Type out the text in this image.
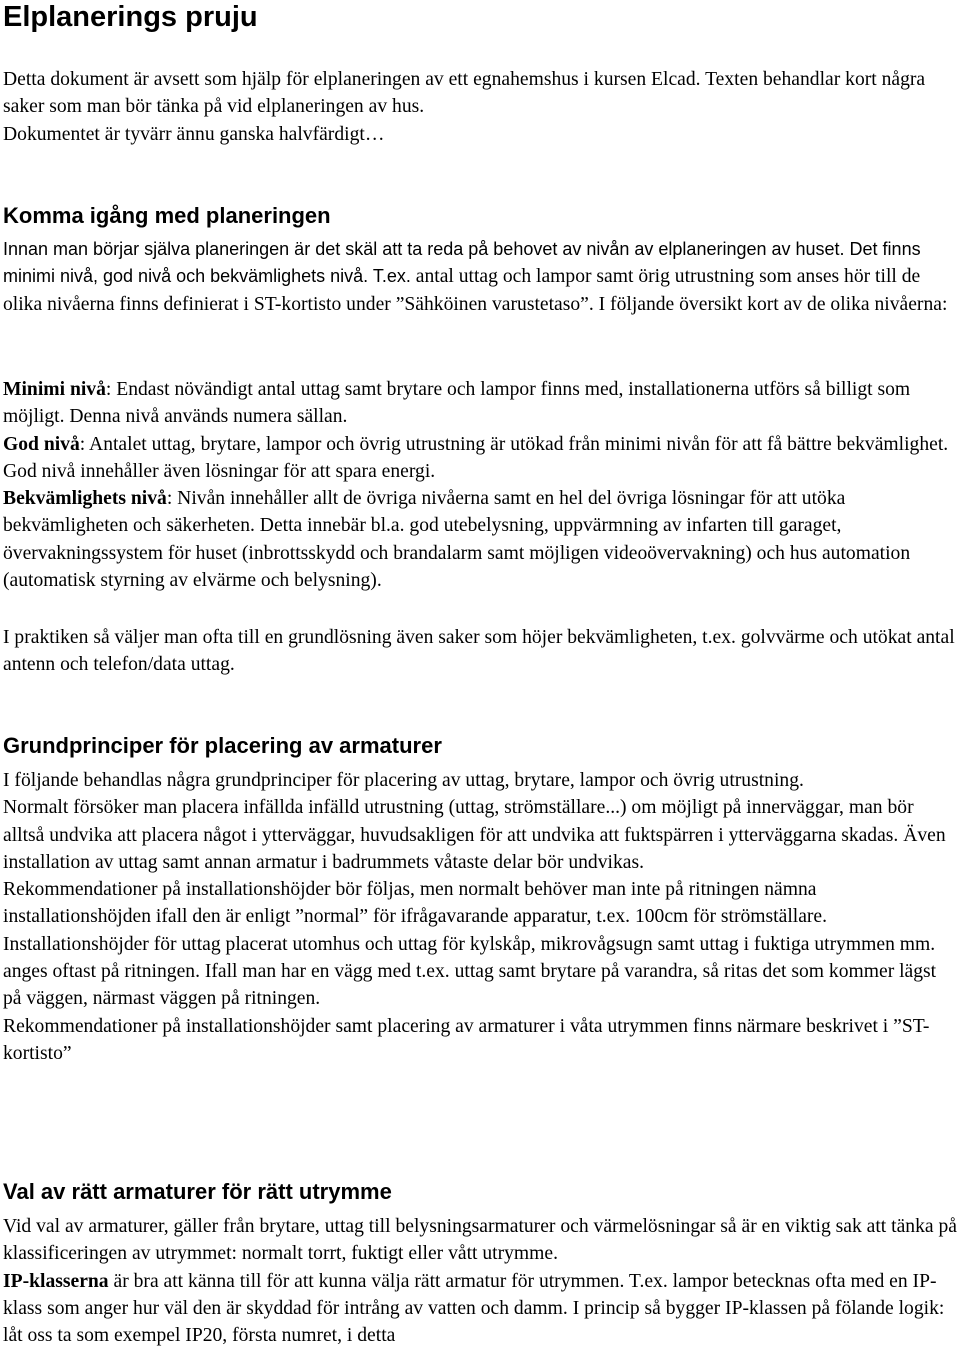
Elplanerings pruju
Detta dokument är avsett som hjälp för elplaneringen av ett egnahemshus i kursen Elcad. Texten behandlar kort några saker som man bör tänka på vid elplaneringen av hus.
Dokumentet är tyvärr ännu ganska halvfärdigt…
Komma igång med planeringen
Innan man börjar själva planeringen är det skäl att ta reda på behovet av nivån av elplaneringen av huset. Det finns minimi nivå, god nivå och bekvämlighets nivå. T.ex. antal uttag och lampor samt örig utrustning som anses hör till de olika nivåerna finns definierat i ST-kortisto under ”Sähköinen varustetaso”. I följande översikt kort av de olika nivåerna:
Minimi nivå: Endast növändigt antal uttag samt brytare och lampor finns med, installationerna utförs så billigt som möjligt. Denna nivå används numera sällan.
God nivå: Antalet uttag, brytare, lampor och övrig utrustning är utökad från minimi nivån för att få bättre bekvämlighet. God nivå innehåller även lösningar för att spara energi.
Bekvämlighets nivå: Nivån innehåller allt de övriga nivåerna samt en hel del övriga lösningar för att utöka bekvämligheten och säkerheten. Detta innebär bl.a. god utebelysning, uppvärmning av infarten till garaget, övervakningssystem för huset (inbrottsskydd och brandalarm samt möjligen videoövervakning) och hus automation (automatisk styrning av elvärme och belysning).
I praktiken så väljer man ofta till en grundlösning även saker som höjer bekvämligheten, t.ex. golvvärme och utökat antal antenn och telefon/data uttag.
Grundprinciper för placering av armaturer
I följande behandlas några grundprinciper för placering av uttag, brytare, lampor och övrig utrustning.
Normalt försöker man placera infällda infälld utrustning (uttag, strömställare...) om möjligt på innerväggar, man bör alltså undvika att placera något i ytterväggar, huvudsakligen för att undvika att fuktspärren i ytterväggarna skadas. Även installation av uttag samt annan armatur i badrummets våtaste delar bör undvikas.
Rekommendationer på installationshöjder bör följas, men normalt behöver man inte på ritningen nämna installationshöjden ifall den är enligt ”normal” för ifrågavarande apparatur, t.ex. 100cm för strömställare. Installationshöjder för uttag placerat utomhus och uttag för kylskåp, mikrovågsugn samt uttag i fuktiga utrymmen mm. anges oftast på ritningen. Ifall man har en vägg med t.ex. uttag samt brytare på varandra, så ritas det som kommer lägst på väggen, närmast väggen på ritningen.
Rekommendationer på installationshöjder samt placering av armaturer i våta utrymmen finns närmare beskrivet i ”ST-kortisto”
Val av rätt armaturer för rätt utrymme
Vid val av armaturer, gäller från brytare, uttag till belysningsarmaturer och värmelösningar så är en viktig sak att tänka på klassificeringen av utrymmet: normalt torrt, fuktigt eller vått utrymme.
IP-klasserna är bra att känna till för att kunna välja rätt armatur för utrymmen. T.ex. lampor betecknas ofta med en IP-klass som anger hur väl den är skyddad för intrång av vatten och damm. I princip så bygger IP-klassen på fölande logik: låt oss ta som exempel IP20, första numret, i detta
